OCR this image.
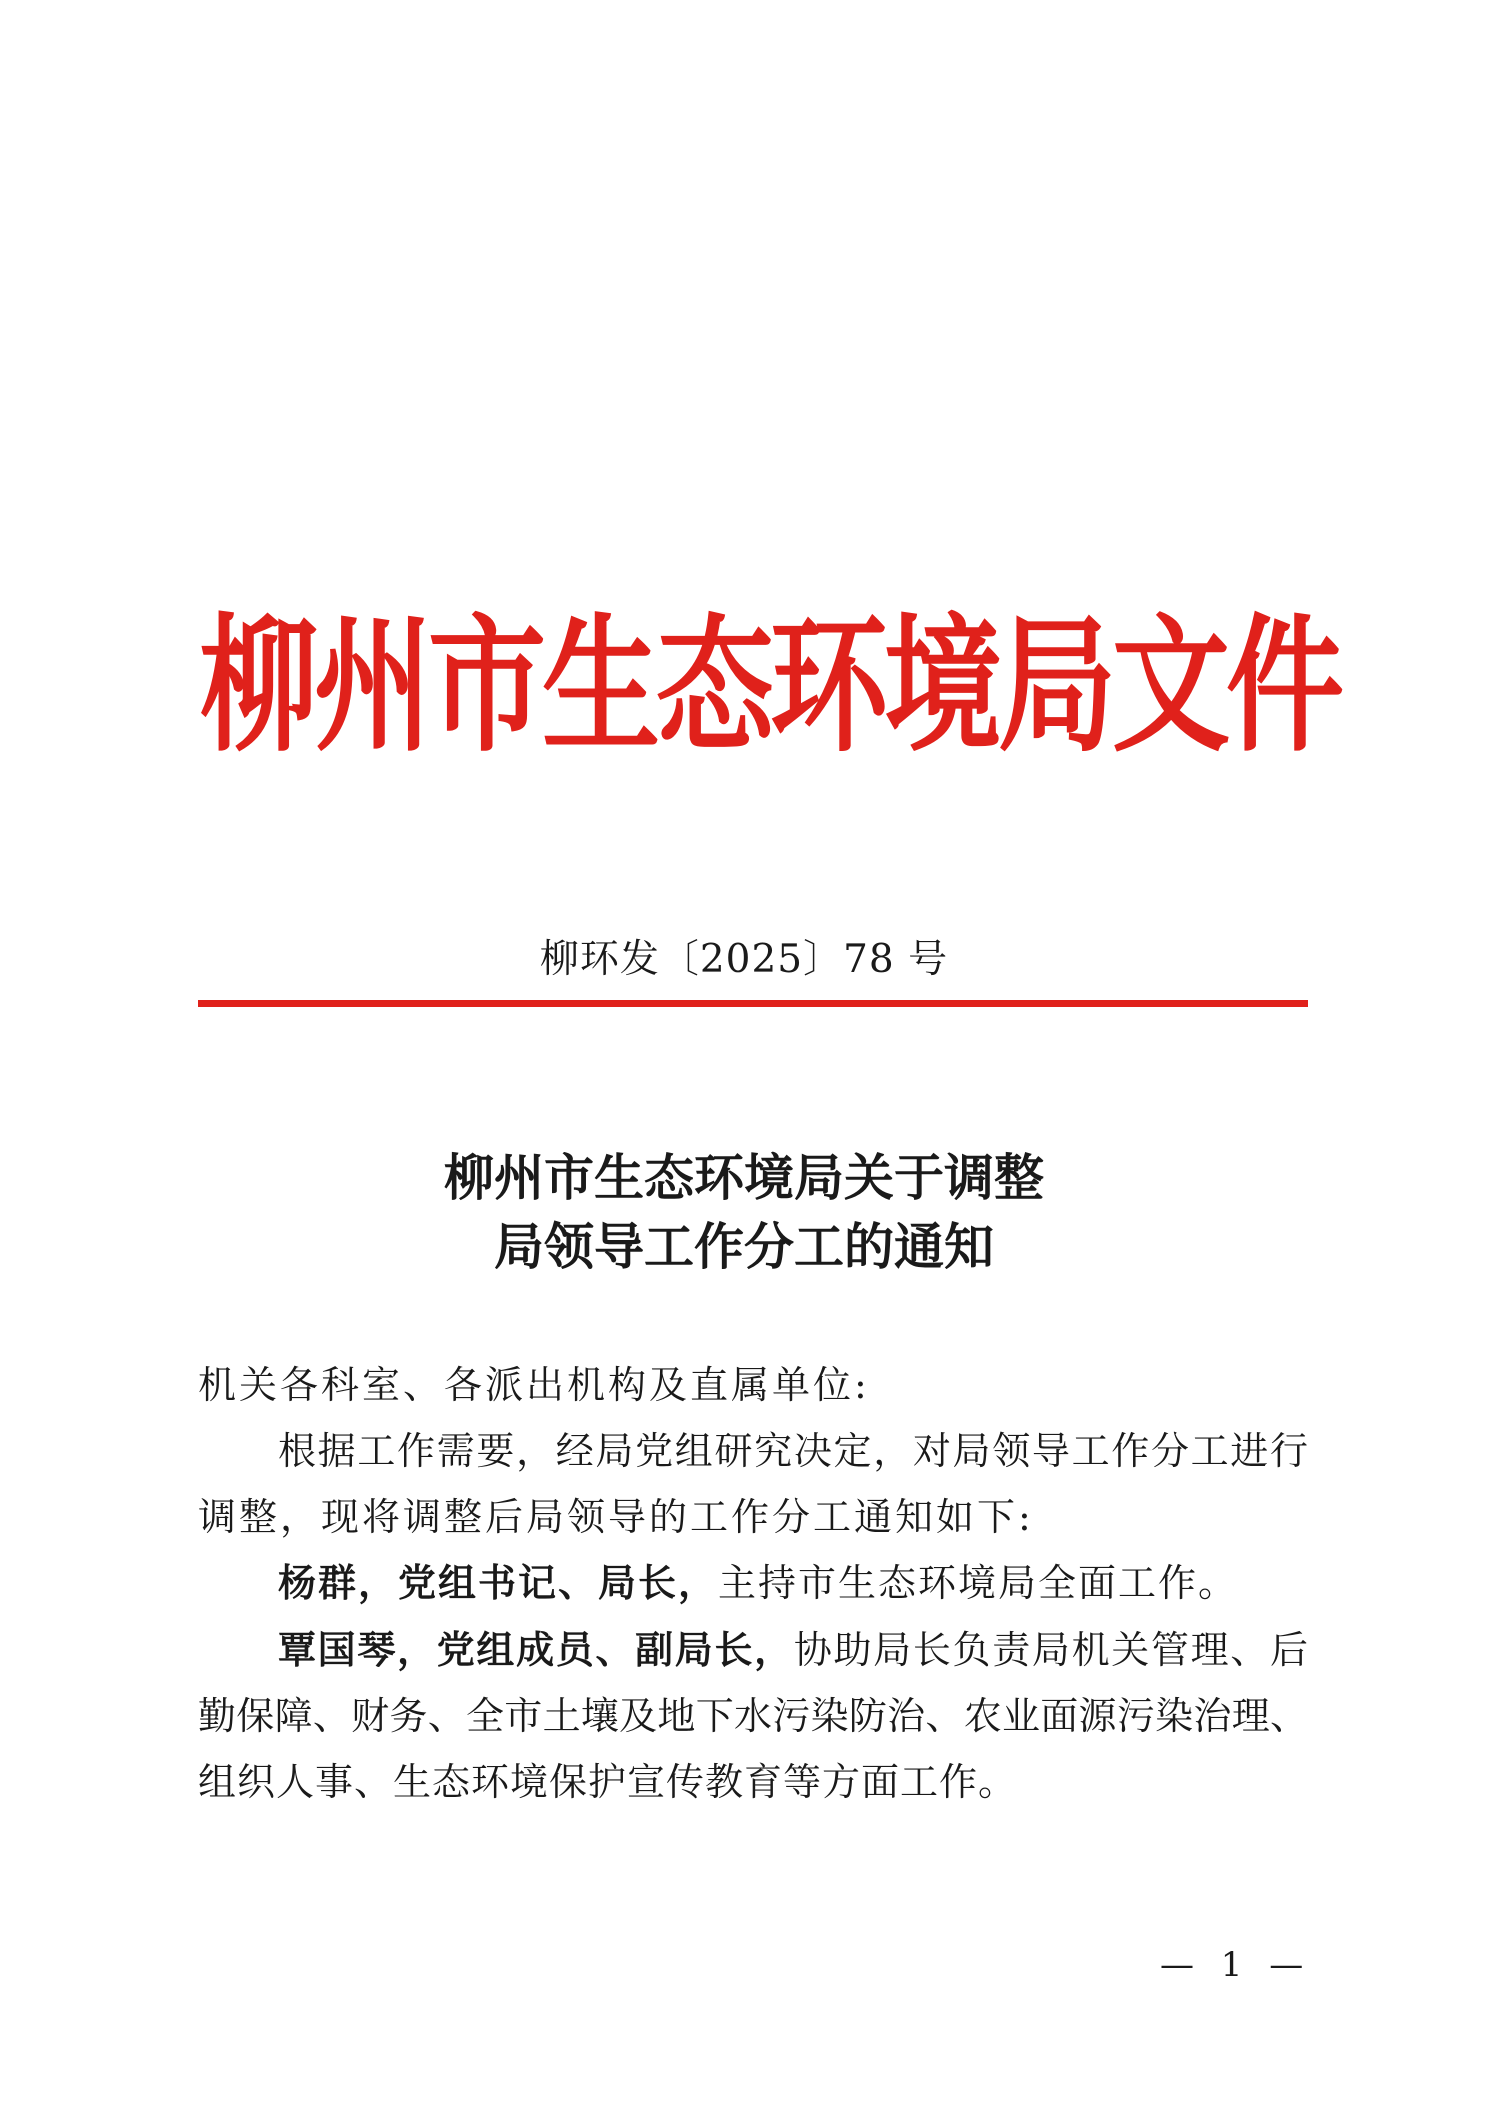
柳州市生态环境局文件
柳环发〔2025〕78 号
柳州市生态环境局关于调整
局领导工作分工的通知
机关各科室、各派出机构及直属单位:
根据工作需要，经局党组研究决定，对局领导工作分工进行
调整，现将调整后局领导的工作分工通知如下:
杨群，党组书记、局长，主持市生态环境局全面工作。
覃国琴，党组成员、副局长，协助局长负责局机关管理、后
勤保障、财务、全市土壤及地下水污染防治、农业面源污染治理、
组织人事、生态环境保护宣传教育等方面工作。
— 1 —
